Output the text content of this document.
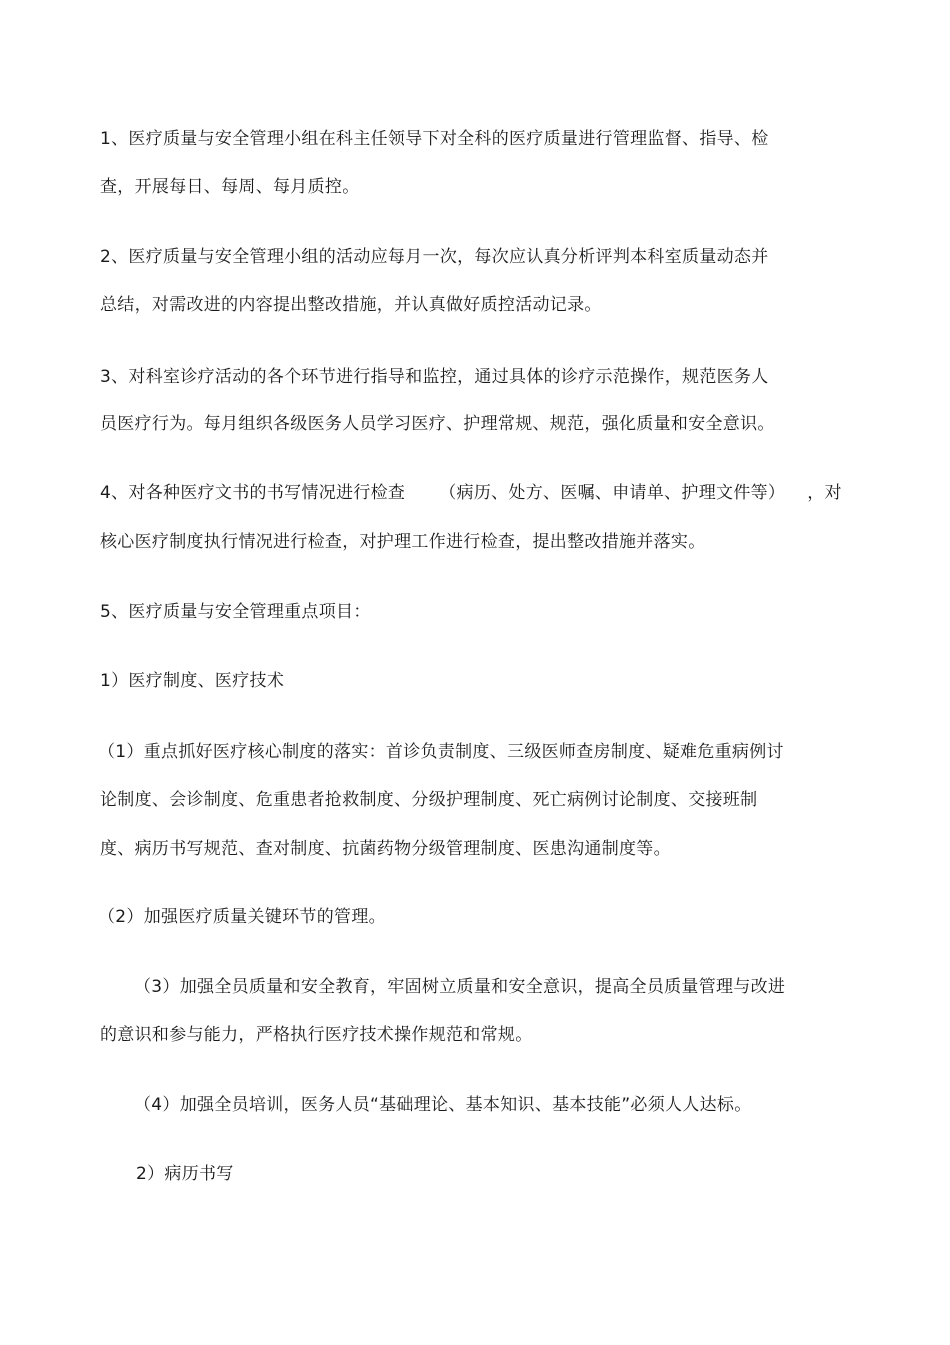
1、医疗质量与安全管理小组在科主任领导下对全科的医疗质量进行管理监督、指导、检
查，开展每日、每周、每月质控。
2、医疗质量与安全管理小组的活动应每月一次，每次应认真分析评判本科室质量动态并
总结，对需改进的内容提出整改措施，并认真做好质控活动记录。
3、对科室诊疗活动的各个环节进行指导和监控，通过具体的诊疗示范操作，规范医务人
员医疗行为。每月组织各级医务人员学习医疗、护理常规、规范，强化质量和安全意识。
4、对各种医疗文书的书写情况进行检查 （病历、处方、医嘱、申请单、护理文件等） ，对
核心医疗制度执行情况进行检查，对护理工作进行检查，提出整改措施并落实。
5、医疗质量与安全管理重点项目：
1）医疗制度、医疗技术
（1）重点抓好医疗核心制度的落实：首诊负责制度、三级医师查房制度、疑难危重病例讨
论制度、会诊制度、危重患者抢救制度、分级护理制度、死亡病例讨论制度、交接班制
度、病历书写规范、查对制度、抗菌药物分级管理制度、医患沟通制度等。
（2）加强医疗质量关键环节的管理。
（3）加强全员质量和安全教育，牢固树立质量和安全意识，提高全员质量管理与改进
的意识和参与能力，严格执行医疗技术操作规范和常规。
（4）加强全员培训，医务人员“基础理论、基本知识、基本技能”必须人人达标。
2）病历书写
